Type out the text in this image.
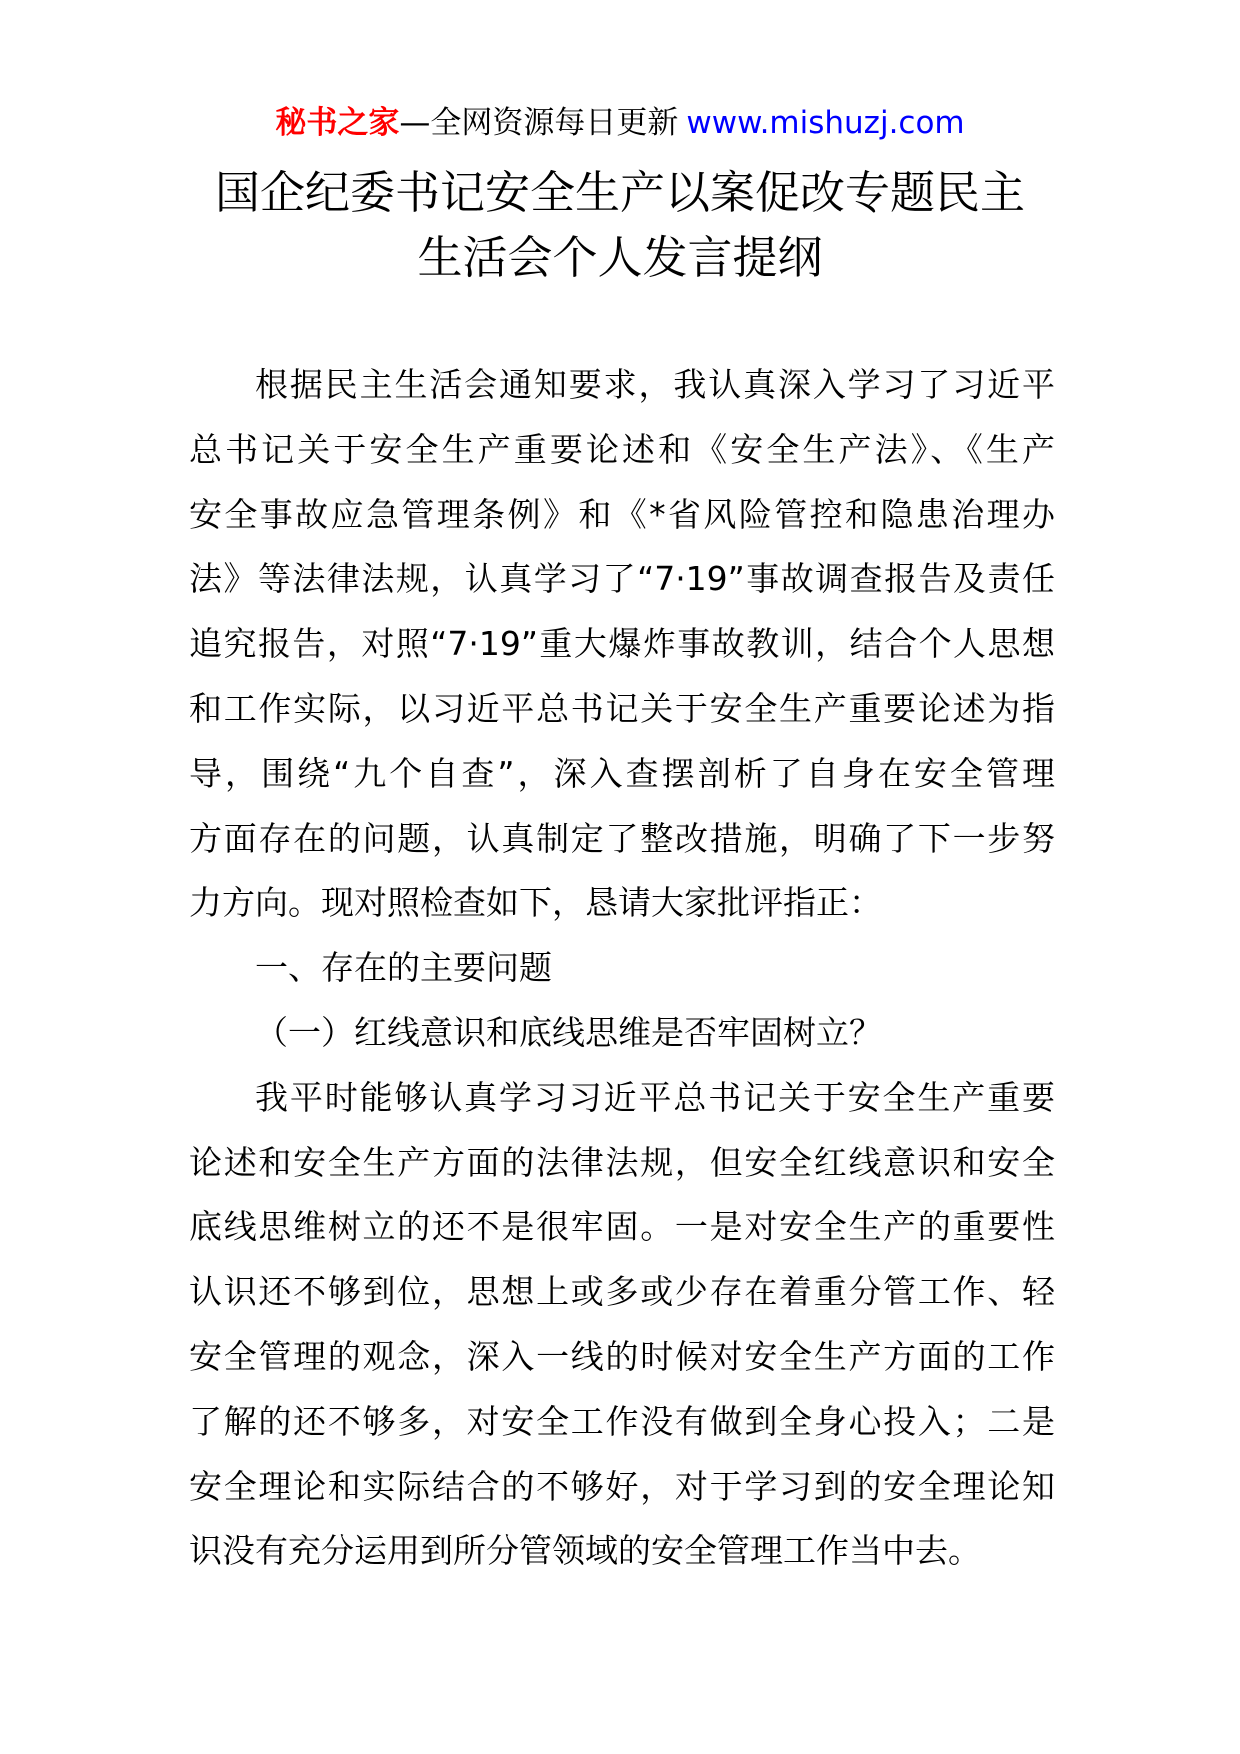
秘书之家—全网资源每日更新 www.mishuzj.com
国企纪委书记安全生产以案促改专题民主
生活会个人发言提纲
根据民主生活会通知要求，我认真深入学习了习近平
总书记关于安全生产重要论述和《安全生产法》、《生产
安全事故应急管理条例》和《*省风险管控和隐患治理办
法》等法律法规，认真学习了“7·19”事故调查报告及责任
追究报告，对照“7·19”重大爆炸事故教训，结合个人思想
和工作实际，以习近平总书记关于安全生产重要论述为指
导，围绕“九个自查”，深入查摆剖析了自身在安全管理
方面存在的问题，认真制定了整改措施，明确了下一步努
力方向。现对照检查如下，恳请大家批评指正：
一、存在的主要问题
（一）红线意识和底线思维是否牢固树立？
我平时能够认真学习习近平总书记关于安全生产重要
论述和安全生产方面的法律法规，但安全红线意识和安全
底线思维树立的还不是很牢固。一是对安全生产的重要性
认识还不够到位，思想上或多或少存在着重分管工作、轻
安全管理的观念，深入一线的时候对安全生产方面的工作
了解的还不够多，对安全工作没有做到全身心投入；二是
安全理论和实际结合的不够好，对于学习到的安全理论知
识没有充分运用到所分管领域的安全管理工作当中去。
